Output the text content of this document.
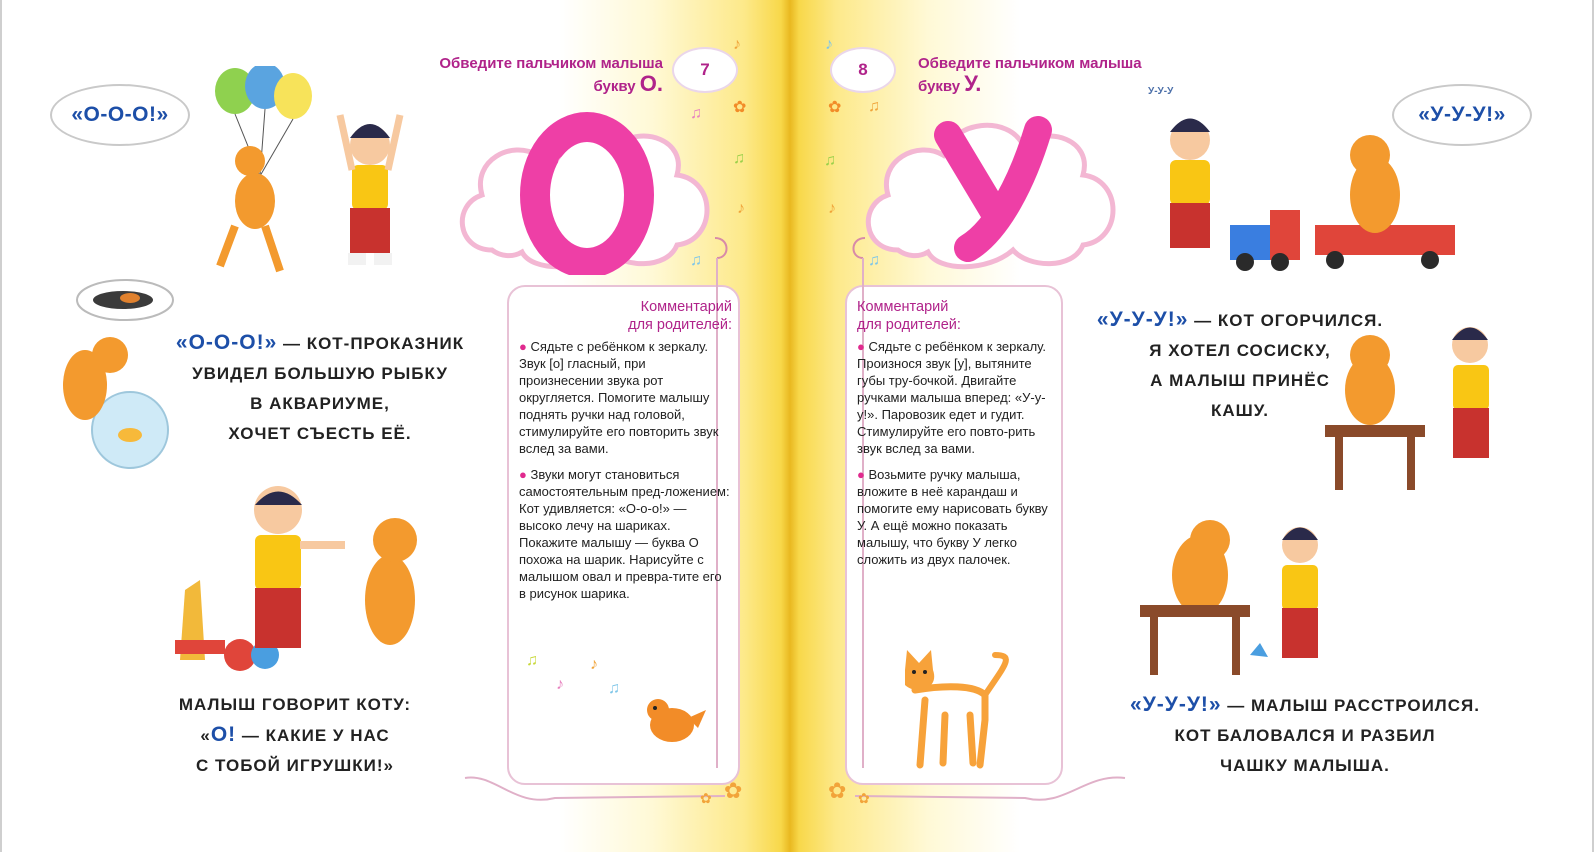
Обведите пальчиком малыша
букву О.
7
♪
♫
♫
♪
♫
✿
«О-О-О!»
«О-О-О!» — КОТ-ПРОКАЗНИК
УВИДЕЛ БОЛЬШУЮ РЫБКУ
В АКВАРИУМЕ,
ХОЧЕТ СЪЕСТЬ ЕЁ.
МАЛЫШ ГОВОРИТ КОТУ:
«О! — КАКИЕ У НАС
С ТОБОЙ ИГРУШКИ!»
Комментарий
для родителей:

● Сядьте с ребёнком к зеркалу. Звук [о] гласный, при произнесении звука рот округляется. Помогите малышу поднять ручки над головой, стимулируйте его повторить звук вслед за вами.

● Звуки могут становиться самостоятельным пред-ложением: Кот удивляется: «О-о-о!» — высоко лечу на шариках. Покажите малышу — буква О похожа на шарик. Нарисуйте с малышом овал и превра-тите его в рисунок шарика.

♫
♪
♪
♫
✿
✿
8	Обведите пальчиком малыша
букву У.
♪
♫
♫
♪
♫
✿	«У-У-У!»
У-У-У
«У-У-У!» — КОТ ОГОРЧИЛСЯ.
Я ХОТЕЛ СОСИСКУ,
А МАЛЫШ ПРИНЁС
КАШУ.
«У-У-У!» — МАЛЫШ РАССТРОИЛСЯ.
КОТ БАЛОВАЛСЯ И РАЗБИЛ
ЧАШКУ МАЛЫША.
Комментарий
для родителей:

● Сядьте с ребёнком к зеркалу. Произнося звук [у], вытяните губы тру-бочкой. Двигайте ручками малыша вперед: «У-у-у!». Паровозик едет и гудит. Стимулируйте его повто-рить звук вслед за вами.

● Возьмите ручку малыша, вложите в неё карандаш и помогите ему нарисовать букву У. А ещё можно показать малышу, что букву У легко сложить из двух палочек.

✿ ✿
